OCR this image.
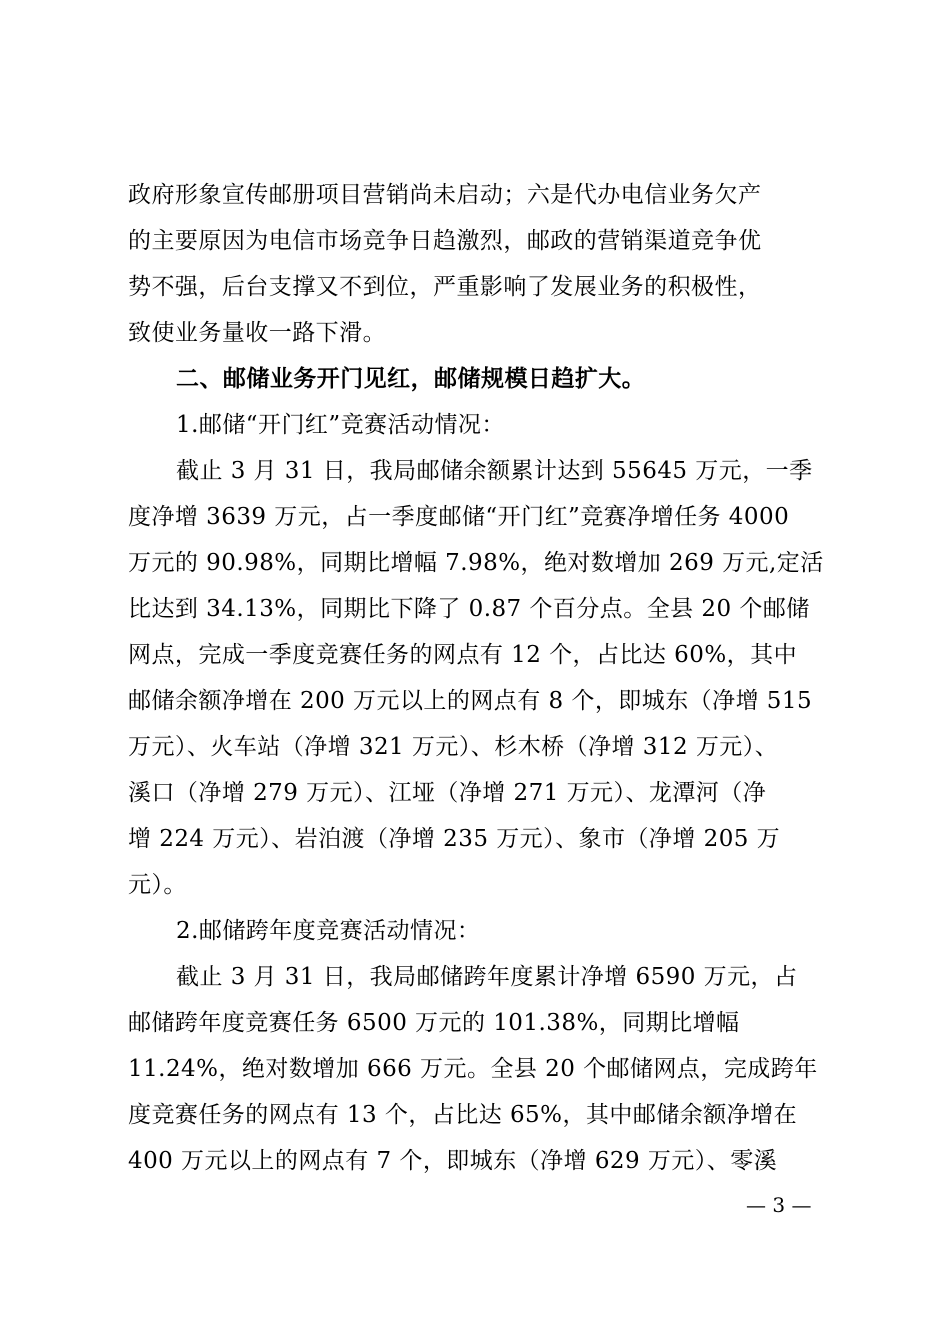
政府形象宣传邮册项目营销尚未启动；六是代办电信业务欠产
的主要原因为电信市场竞争日趋激烈，邮政的营销渠道竞争优
势不强，后台支撑又不到位，严重影响了发展业务的积极性，
致使业务量收一路下滑。
二、邮储业务开门见红，邮储规模日趋扩大。
1.邮储“开门红”竞赛活动情况：
截止 3 月 31 日，我局邮储余额累计达到 55645 万元，一季
度净增 3639 万元，占一季度邮储“开门红”竞赛净增任务 4000
万元的 90.98%，同期比增幅 7.98%，绝对数增加 269 万元,定活
比达到 34.13%，同期比下降了 0.87 个百分点。全县 20 个邮储
网点，完成一季度竞赛任务的网点有 12 个，占比达 60%，其中
邮储余额净增在 200 万元以上的网点有 8 个，即城东（净增 515
万元）、火车站（净增 321 万元）、杉木桥（净增 312 万元）、
溪口（净增 279 万元）、江垭（净增 271 万元）、龙潭河（净
增 224 万元）、岩泊渡（净增 235 万元）、象市（净增 205 万
元）。
2.邮储跨年度竞赛活动情况：
截止 3 月 31 日，我局邮储跨年度累计净增 6590 万元，占
邮储跨年度竞赛任务 6500 万元的 101.38%，同期比增幅
11.24%，绝对数增加 666 万元。全县 20 个邮储网点，完成跨年
度竞赛任务的网点有 13 个，占比达 65%，其中邮储余额净增在
400 万元以上的网点有 7 个，即城东（净增 629 万元）、零溪
— 3 —
